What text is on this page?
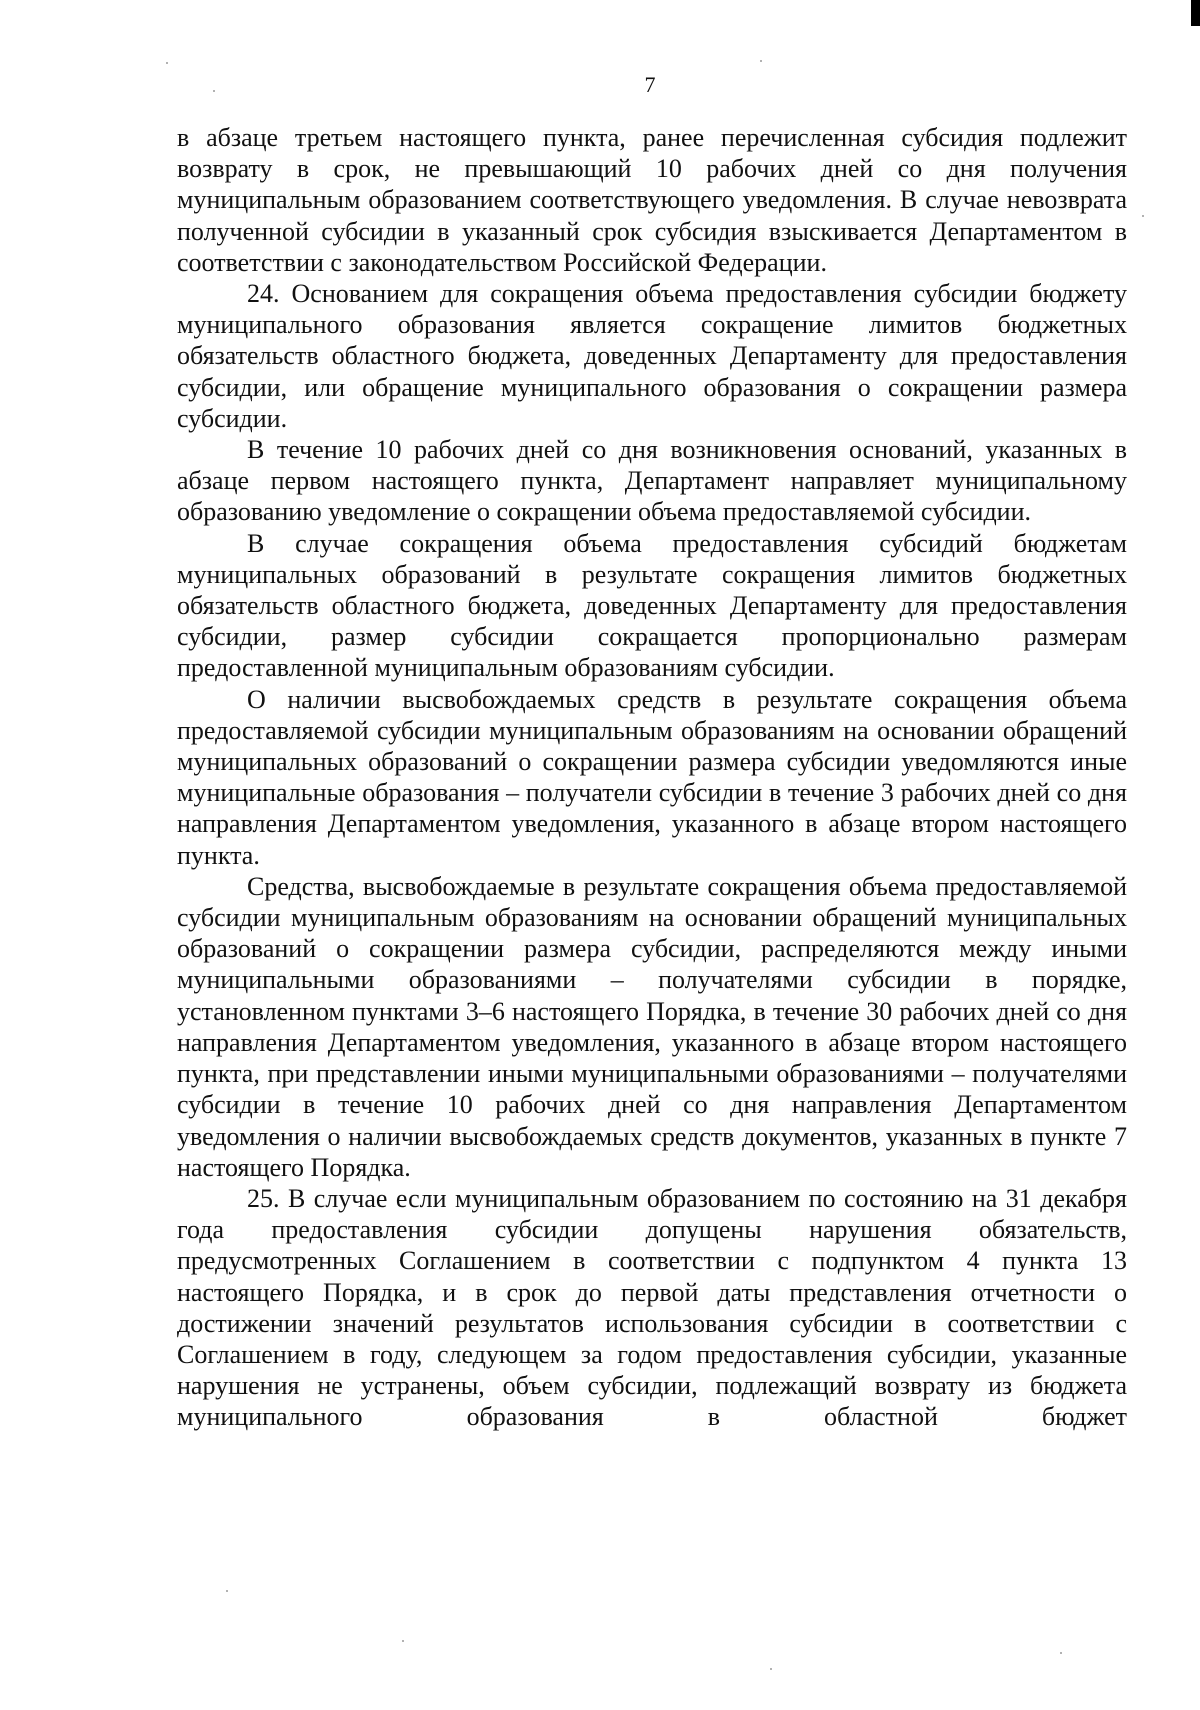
7

в абзаце третьем настоящего пункта, ранее перечисленная субсидия подлежит возврату в срок, не превышающий 10 рабочих дней со дня получения муниципальным образованием соответствующего уведомления. В случае невозврата полученной субсидии в указанный срок субсидия взыскивается Департаментом в соответствии с законодательством Российской Федерации.

24. Основанием для сокращения объема предоставления субсидии бюджету муниципального образования является сокращение лимитов бюджетных обязательств областного бюджета, доведенных Департаменту для предоставления субсидии, или обращение муниципального образования о сокращении размера субсидии.

В течение 10 рабочих дней со дня возникновения оснований, указанных в абзаце первом настоящего пункта, Департамент направляет муниципальному образованию уведомление о сокращении объема предоставляемой субсидии.

В случае сокращения объема предоставления субсидий бюджетам муниципальных образований в результате сокращения лимитов бюджетных обязательств областного бюджета, доведенных Департаменту для предоставления субсидии, размер субсидии сокращается пропорционально размерам предоставленной муниципальным образованиям субсидии.

О наличии высвобождаемых средств в результате сокращения объема предоставляемой субсидии муниципальным образованиям на основании обращений муниципальных образований о сокращении размера субсидии уведомляются иные муниципальные образования – получатели субсидии в течение 3 рабочих дней со дня направления Департаментом уведомления, указанного в абзаце втором настоящего пункта.

Средства, высвобождаемые в результате сокращения объема предоставляемой субсидии муниципальным образованиям на основании обращений муниципальных образований о сокращении размера субсидии, распределяются между иными муниципальными образованиями – получателями субсидии в порядке, установленном пунктами 3–6 настоящего Порядка, в течение 30 рабочих дней со дня направления Департаментом уведомления, указанного в абзаце втором настоящего пункта, при представлении иными муниципальными образованиями – получателями субсидии в течение 10 рабочих дней со дня направления Департаментом уведомления о наличии высвобождаемых средств документов, указанных в пункте 7 настоящего Порядка.

25. В случае если муниципальным образованием по состоянию на 31 декабря года предоставления субсидии допущены нарушения обязательств, предусмотренных Соглашением в соответствии с подпунктом 4 пункта 13 настоящего Порядка, и в срок до первой даты представления отчетности о достижении значений результатов использования субсидии в соответствии с Соглашением в году, следующем за годом предоставления субсидии, указанные нарушения не устранены, объем субсидии, подлежащий возврату из бюджета муниципального образования в областной бюджет
